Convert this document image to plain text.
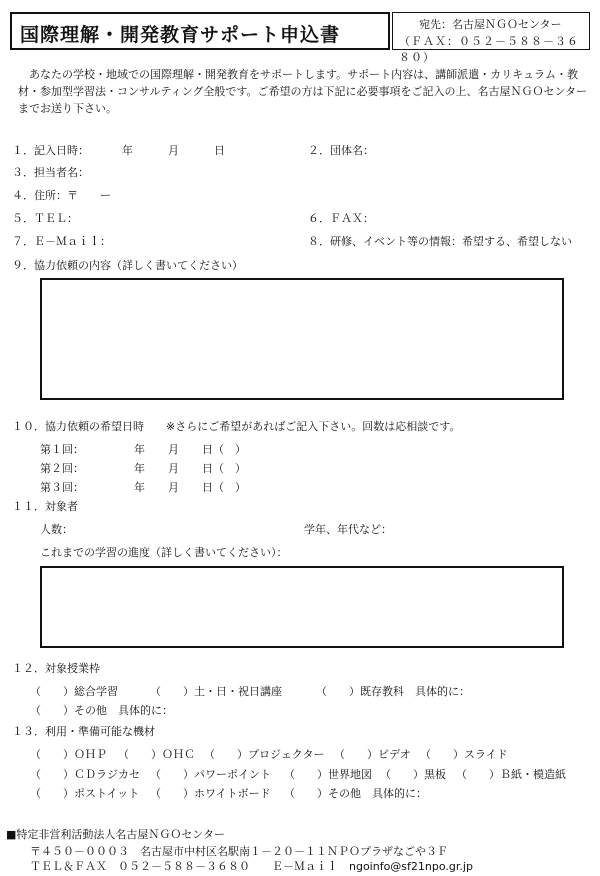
国際理解・開発教育サポート申込書	宛先：名古屋ＮＧＯセンター
（ＦＡＸ：０５２－５８８－３６８０）
あなたの学校・地域での国際理解・開発教育をサポートします。サポート内容は、講師派遣・カリキュラム・教材・参加型学習法・コンサルティング全般です。ご希望の方は下記に必要事項をご記入の上、名古屋ＮＧＯセンターまでお送り下さい。
１．記入日時：	年	月	日	２．団体名：
３．担当者名：
４．住所：〒　　ー
５．ＴＥＬ：	６．ＦＡＸ：
７．Ｅ－Ｍａｉｌ：	８．研修、イベント等の情報：希望する、希望しない
９．協力依頼の内容（詳しく書いてください）
１０．協力依頼の希望日時 ※さらにご希望があればご記入下さい。回数は応相談です。
第１回：	年 月 日（　）
第２回：	年 月 日（　）
第３回：	年 月 日（　）
１１．対象者
人数：	学年、年代など：
これまでの学習の進度（詳しく書いてください）：
１２．対象授業枠
（　　）総合学習	（　　）土・日・祝日講座	（　　）既存教科　具体的に：
（　　）その他　具体的に：
１３．利用・準備可能な機材
（　　）ＯＨＰ （　　）ＯＨＣ （　　）プロジェクター （　　）ビデオ （　　）スライド
（　　）ＣＤラジカセ （　　）パワーポイント （　　）世界地図 （　　）黒板 （　　）Ｂ紙・模造紙
（　　）ポストイット （　　）ホワイトボード （　　）その他　具体的に：
■特定非営利活動法人名古屋ＮＧＯセンター
〒４５０－０００３　名古屋市中村区名駅南１－２０－１１ＮＰＯプラザなごや３Ｆ
ＴＥＬ＆ＦＡＸ　０５２－５８８－３６８０　　Ｅ－Ｍａｉｌ　ngoinfo@sf21npo.gr.jp
